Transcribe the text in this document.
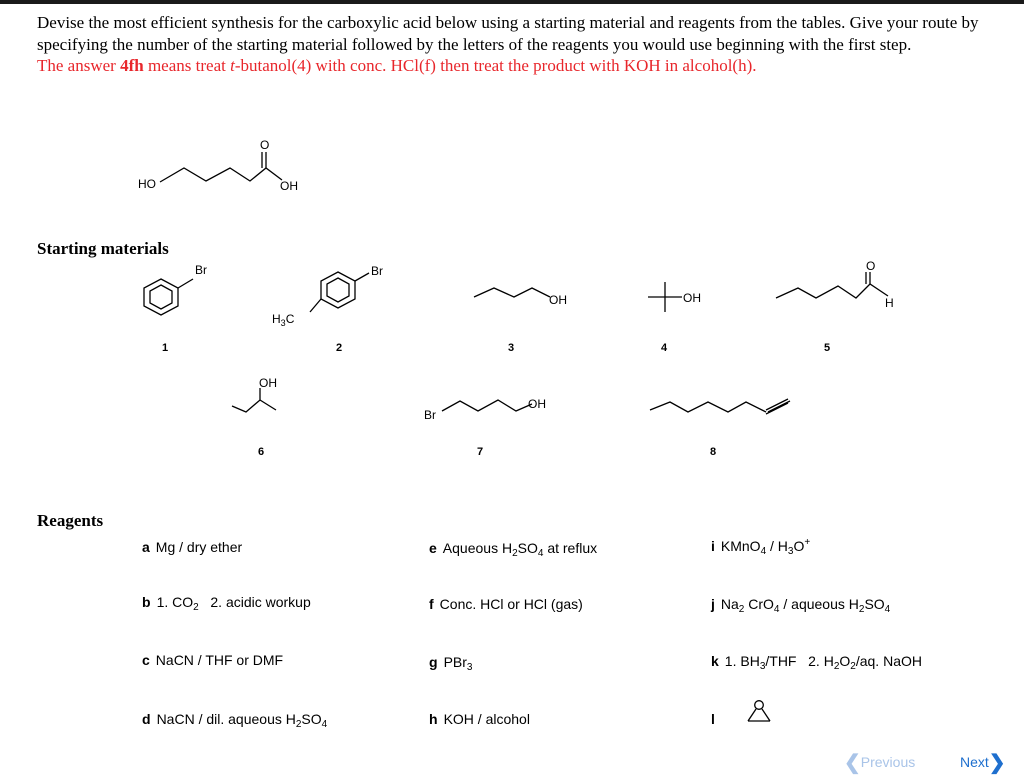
Devise the most efficient synthesis for the carboxylic acid below using a starting material and reagents from the tables. Give your route by specifying the number of the starting material followed by the letters of the reagents you would use beginning with the first step.
The answer 4fh means treat t-butanol(4) with conc. HCl(f) then treat the product with KOH in alcohol(h).
HO
O
OH
Starting materials
Br	Br
$H_3C$
OH	OH
O
H
OH
Br
OH
1	2	3	4	5
6	7	8
Reagents
a Mg / dry ether
b 1. $CO_2$ 2. acidic workup
c NaCN / THF or DMF
d NaCN / dil. aqueous $H_2SO_4$
e Aqueous $H_2SO_4$ at reflux
f Conc. HCl or HCl (gas)
g PBr$_3$
h KOH / alcohol
i KMnO$_4$ / $H_3O^+$
j $Na_2$ CrO$_4$ / aqueous $H_2SO_4$
k 1. $BH_3$/THF   2. $H_2O_2/aq$. NaOH
l
❮Previous	Next❯
